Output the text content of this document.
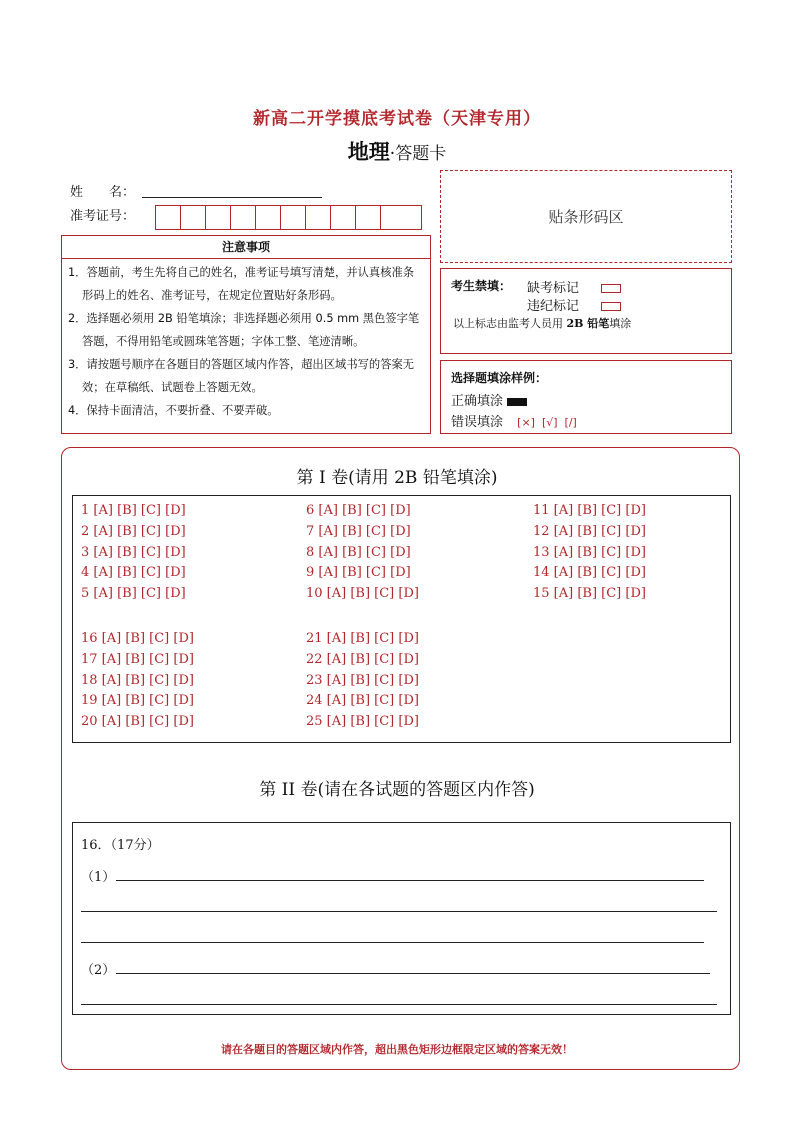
新高二开学摸底考试卷（天津专用）
地理·答题卡
姓　　名：
准考证号：	贴条形码区
注意事项
1．答题前，考生先将自己的姓名，准考证号填写清楚，并认真核准条形码上的姓名、准考证号，在规定位置贴好条形码。
2．选择题必须用 2B 铅笔填涂；非选择题必须用 0.5 mm 黑色签字笔答题，不得用铅笔或圆珠笔答题；字体工整、笔迹清晰。
3．请按题号顺序在各题目的答题区域内作答，超出区域书写的答案无效；在草稿纸、试题卷上答题无效。
4．保持卡面清洁，不要折叠、不要弄破。
考生禁填： 缺考标记
违纪标记
以上标志由监考人员用 2B 铅笔填涂
选择题填涂样例：
正确填涂
错误填涂 [×]  [√]  [/]
第 I 卷(请用 2B 铅笔填涂)
1 [A] [B] [C] [D]
2 [A] [B] [C] [D]
3 [A] [B] [C] [D]
4 [A] [B] [C] [D]
5 [A] [B] [C] [D]
6 [A] [B] [C] [D]
7 [A] [B] [C] [D]
8 [A] [B] [C] [D]
9 [A] [B] [C] [D]
10 [A] [B] [C] [D]
11 [A] [B] [C] [D]
12 [A] [B] [C] [D]
13 [A] [B] [C] [D]
14 [A] [B] [C] [D]
15 [A] [B] [C] [D]
16 [A] [B] [C] [D]
17 [A] [B] [C] [D]
18 [A] [B] [C] [D]
19 [A] [B] [C] [D]
20 [A] [B] [C] [D]
21 [A] [B] [C] [D]
22 [A] [B] [C] [D]
23 [A] [B] [C] [D]
24 [A] [B] [C] [D]
25 [A] [B] [C] [D]
第 II 卷(请在各试题的答题区内作答)
16．（17分）
（1）
（2）
请在各题目的答题区域内作答，超出黑色矩形边框限定区域的答案无效！
